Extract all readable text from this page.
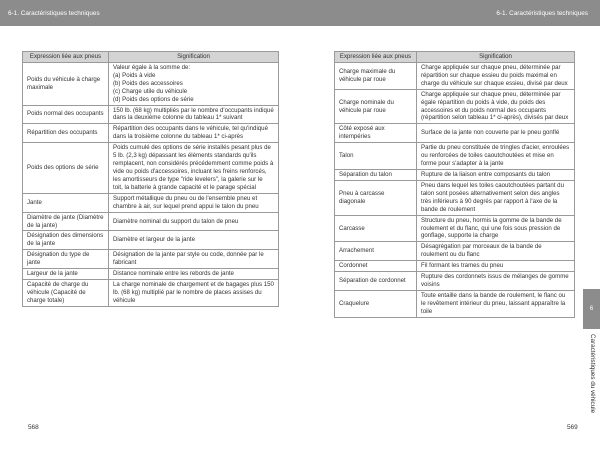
6-1. Caractéristiques techniques	6-1. Caractéristiques techniques
Expression liée aux pneus	Signification
Poids du véhicule à charge maximale	Valeur égale à la somme de:
(a) Poids à vide
(b) Poids des accessoires
(c) Charge utile du véhicule
(d) Poids des options de série

Poids normal des occupants	150 lb. (68 kg) multipliés par le nombre d'occupants indiqué dans la deuxième colonne du tableau 1* suivant

Répartition des occupants	Répartition des occupants dans le véhicule, tel qu'indiqué dans la troisième colonne du tableau 1* ci-après

Poids des options de série	Poids cumulé des options de série installés pesant plus de 5 lb. (2,3 kg) dépassant les éléments standards qu'ils remplacent, non considérés précédemment comme poids à vide ou poids d'accessoires, incluant les freins renforcés, les amortisseurs de type "ride levelers", la galerie sur le toit, la batterie à grande capacité et le parage spécial

Jante	Support métallique du pneu ou de l'ensemble pneu et chambre à air, sur lequel prend appui le talon du pneu

Diamètre de jante (Diamètre de la jante)	Diamètre nominal du support du talon de pneu

Désignation des dimensions de la jante	Diamètre et largeur de la jante

Désignation du type de jante	Désignation de la jante par style ou code, donnée par le fabricant

Largeur de la jante	Distance nominale entre les rebords de jante

Capacité de charge du véhicule (Capacité de charge totale)	La charge nominale de chargement et de bagages plus 150 lb. (68 kg) multiplié par le nombre de places assises du véhicule
Expression liée aux pneus	Signification
Charge maximale du véhicule par roue	Charge appliquée sur chaque pneu, déterminée par répartition sur chaque essieu du poids maximal en charge du véhicule sur chaque essieu, divisé par deux

Charge nominale du véhicule par roue	Charge appliquée sur chaque pneu, déterminée par égale répartition du poids à vide, du poids des accessoires et du poids normal des occupants (répartition selon tableau 1* ci-après), divisés par deux

Côté exposé aux intempéries	Surface de la jante non couverte par le pneu gonflé

Talon	Partie du pneu constituée de tringles d'acier, enroulées ou renforcées de toiles caoutchoutées et mise en forme pour s'adapter à la jante

Séparation du talon	Rupture de la liaison entre composants du talon

Pneu à carcasse diagonale	Pneu dans lequel les toiles caoutchoutées partant du talon sont posées alternativement selon des angles très inférieurs à 90 degrés par rapport à l'axe de la bande de roulement

Carcasse	Structure du pneu, hormis la gomme de la bande de roulement et du flanc, qui une fois sous pression de gonflage, supporte la charge

Arrachement	Désagrégation par morceaux de la bande de roulement ou du flanc

Cordonnet	Fil formant les trames du pneu

Séparation de cordonnet	Rupture des cordonnets issus de mélanges de gomme voisins

Craquelure	Toute entaille dans la bande de roulement, le flanc ou le revêtement intérieur du pneu, laissant apparaître la toile
568	569
6
Caractéristiques du véhicule
